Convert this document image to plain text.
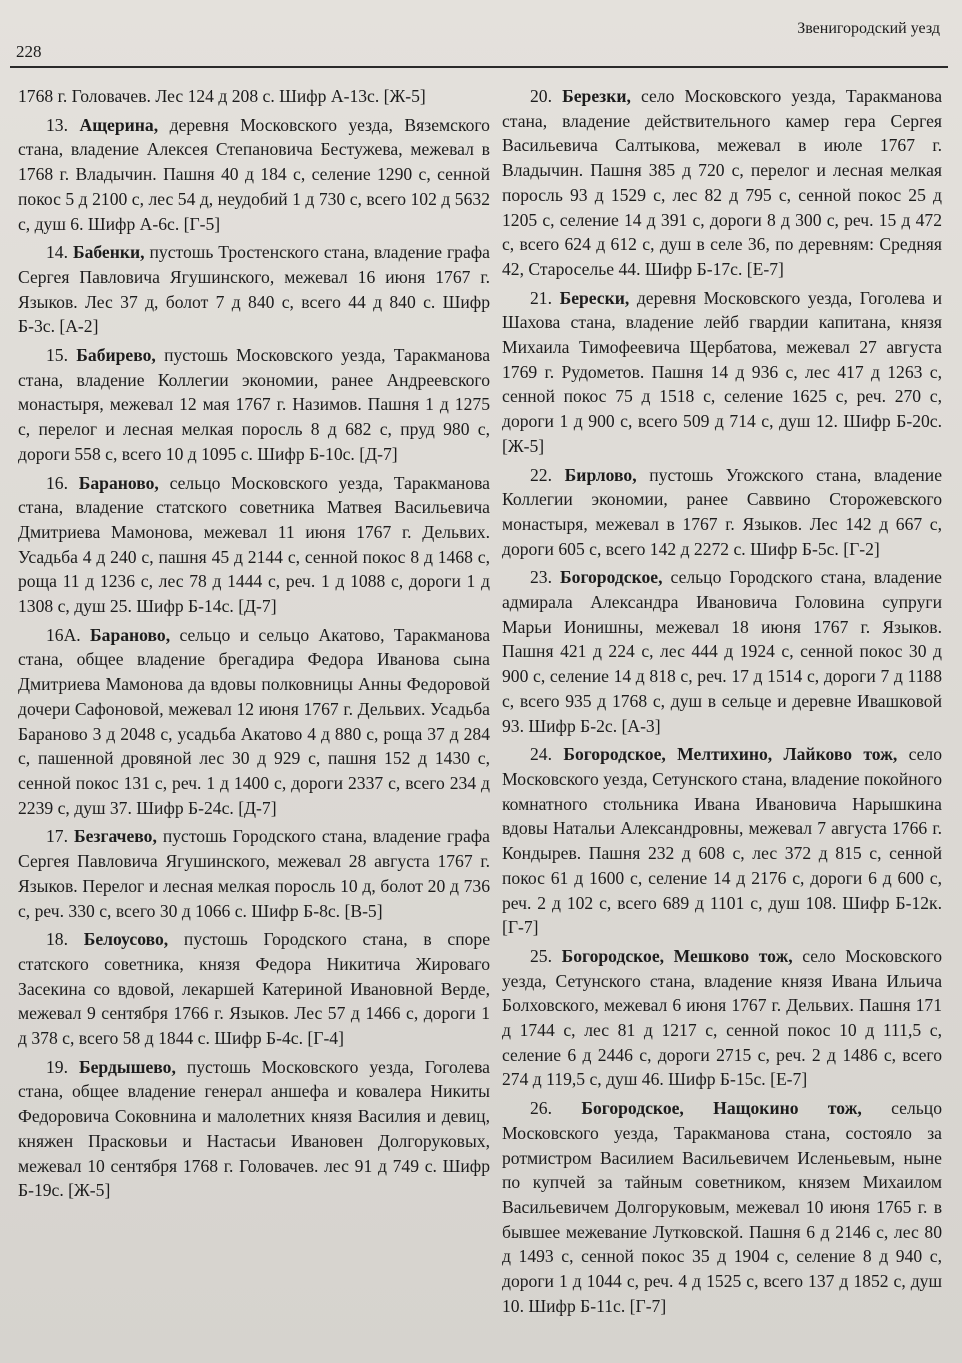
228
Звенигородский уезд
1768 г. Головачев. Лес 124 д 208 с. Шифр А-13с. [Ж-5]
13. Ащерина, деревня Московского уезда, Вяземского стана, владение Алексея Степановича Бестужева, межевал в 1768 г. Владычин. Пашня 40 д 184 с, селение 1290 с, сенной покос 5 д 2100 с, лес 54 д, неудобий 1 д 730 с, всего 102 д 5632 с, душ 6. Шифр А-6с. [Г-5]
14. Бабенки, пустошь Тростенского стана, владение графа Сергея Павловича Ягушинского, межевал 16 июня 1767 г. Языков. Лес 37 д, болот 7 д 840 с, всего 44 д 840 с. Шифр Б-3с. [А-2]
15. Бабирево, пустошь Московского уезда, Таракманова стана, владение Коллегии экономии, ранее Андреевского монастыря, межевал 12 мая 1767 г. Назимов. Пашня 1 д 1275 с, перелог и лесная мелкая поросль 8 д 682 с, пруд 980 с, дороги 558 с, всего 10 д 1095 с. Шифр Б-10с. [Д-7]
16. Бараново, сельцо Московского уезда, Таракманова стана, владение статского советника Матвея Васильевича Дмитриева Мамонова, межевал 11 июня 1767 г. Дельвих. Усадьба 4 д 240 с, пашня 45 д 2144 с, сенной покос 8 д 1468 с, роща 11 д 1236 с, лес 78 д 1444 с, реч. 1 д 1088 с, дороги 1 д 1308 с, душ 25. Шифр Б-14с. [Д-7]
16А. Бараново, сельцо и сельцо Акатово, Таракманова стана, общее владение брегадира Федора Иванова сына Дмитриева Мамонова да вдовы полковницы Анны Федоровой дочери Сафоновой, межевал 12 июня 1767 г. Дельвих. Усадьба Бараново 3 д 2048 с, усадьба Акатово 4 д 880 с, роща 37 д 284 с, пашенной дровяной лес 30 д 929 с, пашня 152 д 1430 с, сенной покос 131 с, реч. 1 д 1400 с, дороги 2337 с, всего 234 д 2239 с, душ 37. Шифр Б-24с. [Д-7]
17. Безгачево, пустошь Городского стана, владение графа Сергея Павловича Ягушинского, межевал 28 августа 1767 г. Языков. Перелог и лесная мелкая поросль 10 д, болот 20 д 736 с, реч. 330 с, всего 30 д 1066 с. Шифр Б-8с. [В-5]
18. Белоусово, пустошь Городского стана, в споре статского советника, князя Федора Никитича Жироваго Засекина со вдовой, лекаршей Катериной Ивановной Верде, межевал 9 сентября 1766 г. Языков. Лес 57 д 1466 с, дороги 1 д 378 с, всего 58 д 1844 с. Шифр Б-4с. [Г-4]
19. Бердышево, пустошь Московского уезда, Гоголева стана, общее владение генерал аншефа и ковалера Никиты Федоровича Соковнина и малолетних князя Василия и девиц, княжен Прасковьи и Настасьи Ивановен Долгоруковых, межевал 10 сентября 1768 г. Головачев. лес 91 д 749 с. Шифр Б-19с. [Ж-5]
20. Березки, село Московского уезда, Таракманова стана, владение действительного камер гера Сергея Васильевича Салтыкова, межевал в июле 1767 г. Владычин. Пашня 385 д 720 с, перелог и лесная мелкая поросль 93 д 1529 с, лес 82 д 795 с, сенной покос 25 д 1205 с, селение 14 д 391 с, дороги 8 д 300 с, реч. 15 д 472 с, всего 624 д 612 с, душ в селе 36, по деревням: Средняя 42, Староселье 44. Шифр Б-17с. [Е-7]
21. Берески, деревня Московского уезда, Гоголева и Шахова стана, владение лейб гвардии капитана, князя Михаила Тимофеевича Щербатова, межевал 27 августа 1769 г. Рудометов. Пашня 14 д 936 с, лес 417 д 1263 с, сенной покос 75 д 1518 с, селение 1625 с, реч. 270 с, дороги 1 д 900 с, всего 509 д 714 с, душ 12. Шифр Б-20с. [Ж-5]
22. Бирлово, пустошь Угожского стана, владение Коллегии экономии, ранее Саввино Сторожевского монастыря, межевал в 1767 г. Языков. Лес 142 д 667 с, дороги 605 с, всего 142 д 2272 с. Шифр Б-5с. [Г-2]
23. Богородское, сельцо Городского стана, владение адмирала Александра Ивановича Головина супруги Марьи Ионишны, межевал 18 июня 1767 г. Языков. Пашня 421 д 224 с, лес 444 д 1924 с, сенной покос 30 д 900 с, селение 14 д 818 с, реч. 17 д 1514 с, дороги 7 д 1188 с, всего 935 д 1768 с, душ в сельце и деревне Ивашковой 93. Шифр Б-2с. [А-3]
24. Богородское, Мелтихино, Лайково тож, село Московского уезда, Сетунского стана, владение покойного комнатного стольника Ивана Ивановича Нарышкина вдовы Натальи Александровны, межевал 7 августа 1766 г. Кондырев. Пашня 232 д 608 с, лес 372 д 815 с, сенной покос 61 д 1600 с, селение 14 д 2176 с, дороги 6 д 600 с, реч. 2 д 102 с, всего 689 д 1101 с, душ 108. Шифр Б-12к. [Г-7]
25. Богородское, Мешково тож, село Московского уезда, Сетунского стана, владение князя Ивана Ильича Болховского, межевал 6 июня 1767 г. Дельвих. Пашня 171 д 1744 с, лес 81 д 1217 с, сенной покос 10 д 111,5 с, селение 6 д 2446 с, дороги 2715 с, реч. 2 д 1486 с, всего 274 д 119,5 с, душ 46. Шифр Б-15с. [Е-7]
26. Богородское, Нащокино тож, сельцо Московского уезда, Таракманова стана, состояло за ротмистром Василием Васильевичем Исленьевым, ныне по купчей за тайным советником, князем Михаилом Васильевичем Долгоруковым, межевал 10 июня 1765 г. в бывшее межевание Лутковской. Пашня 6 д 2146 с, лес 80 д 1493 с, сенной покос 35 д 1904 с, селение 8 д 940 с, дороги 1 д 1044 с, реч. 4 д 1525 с, всего 137 д 1852 с, душ 10. Шифр Б-11с. [Г-7]
